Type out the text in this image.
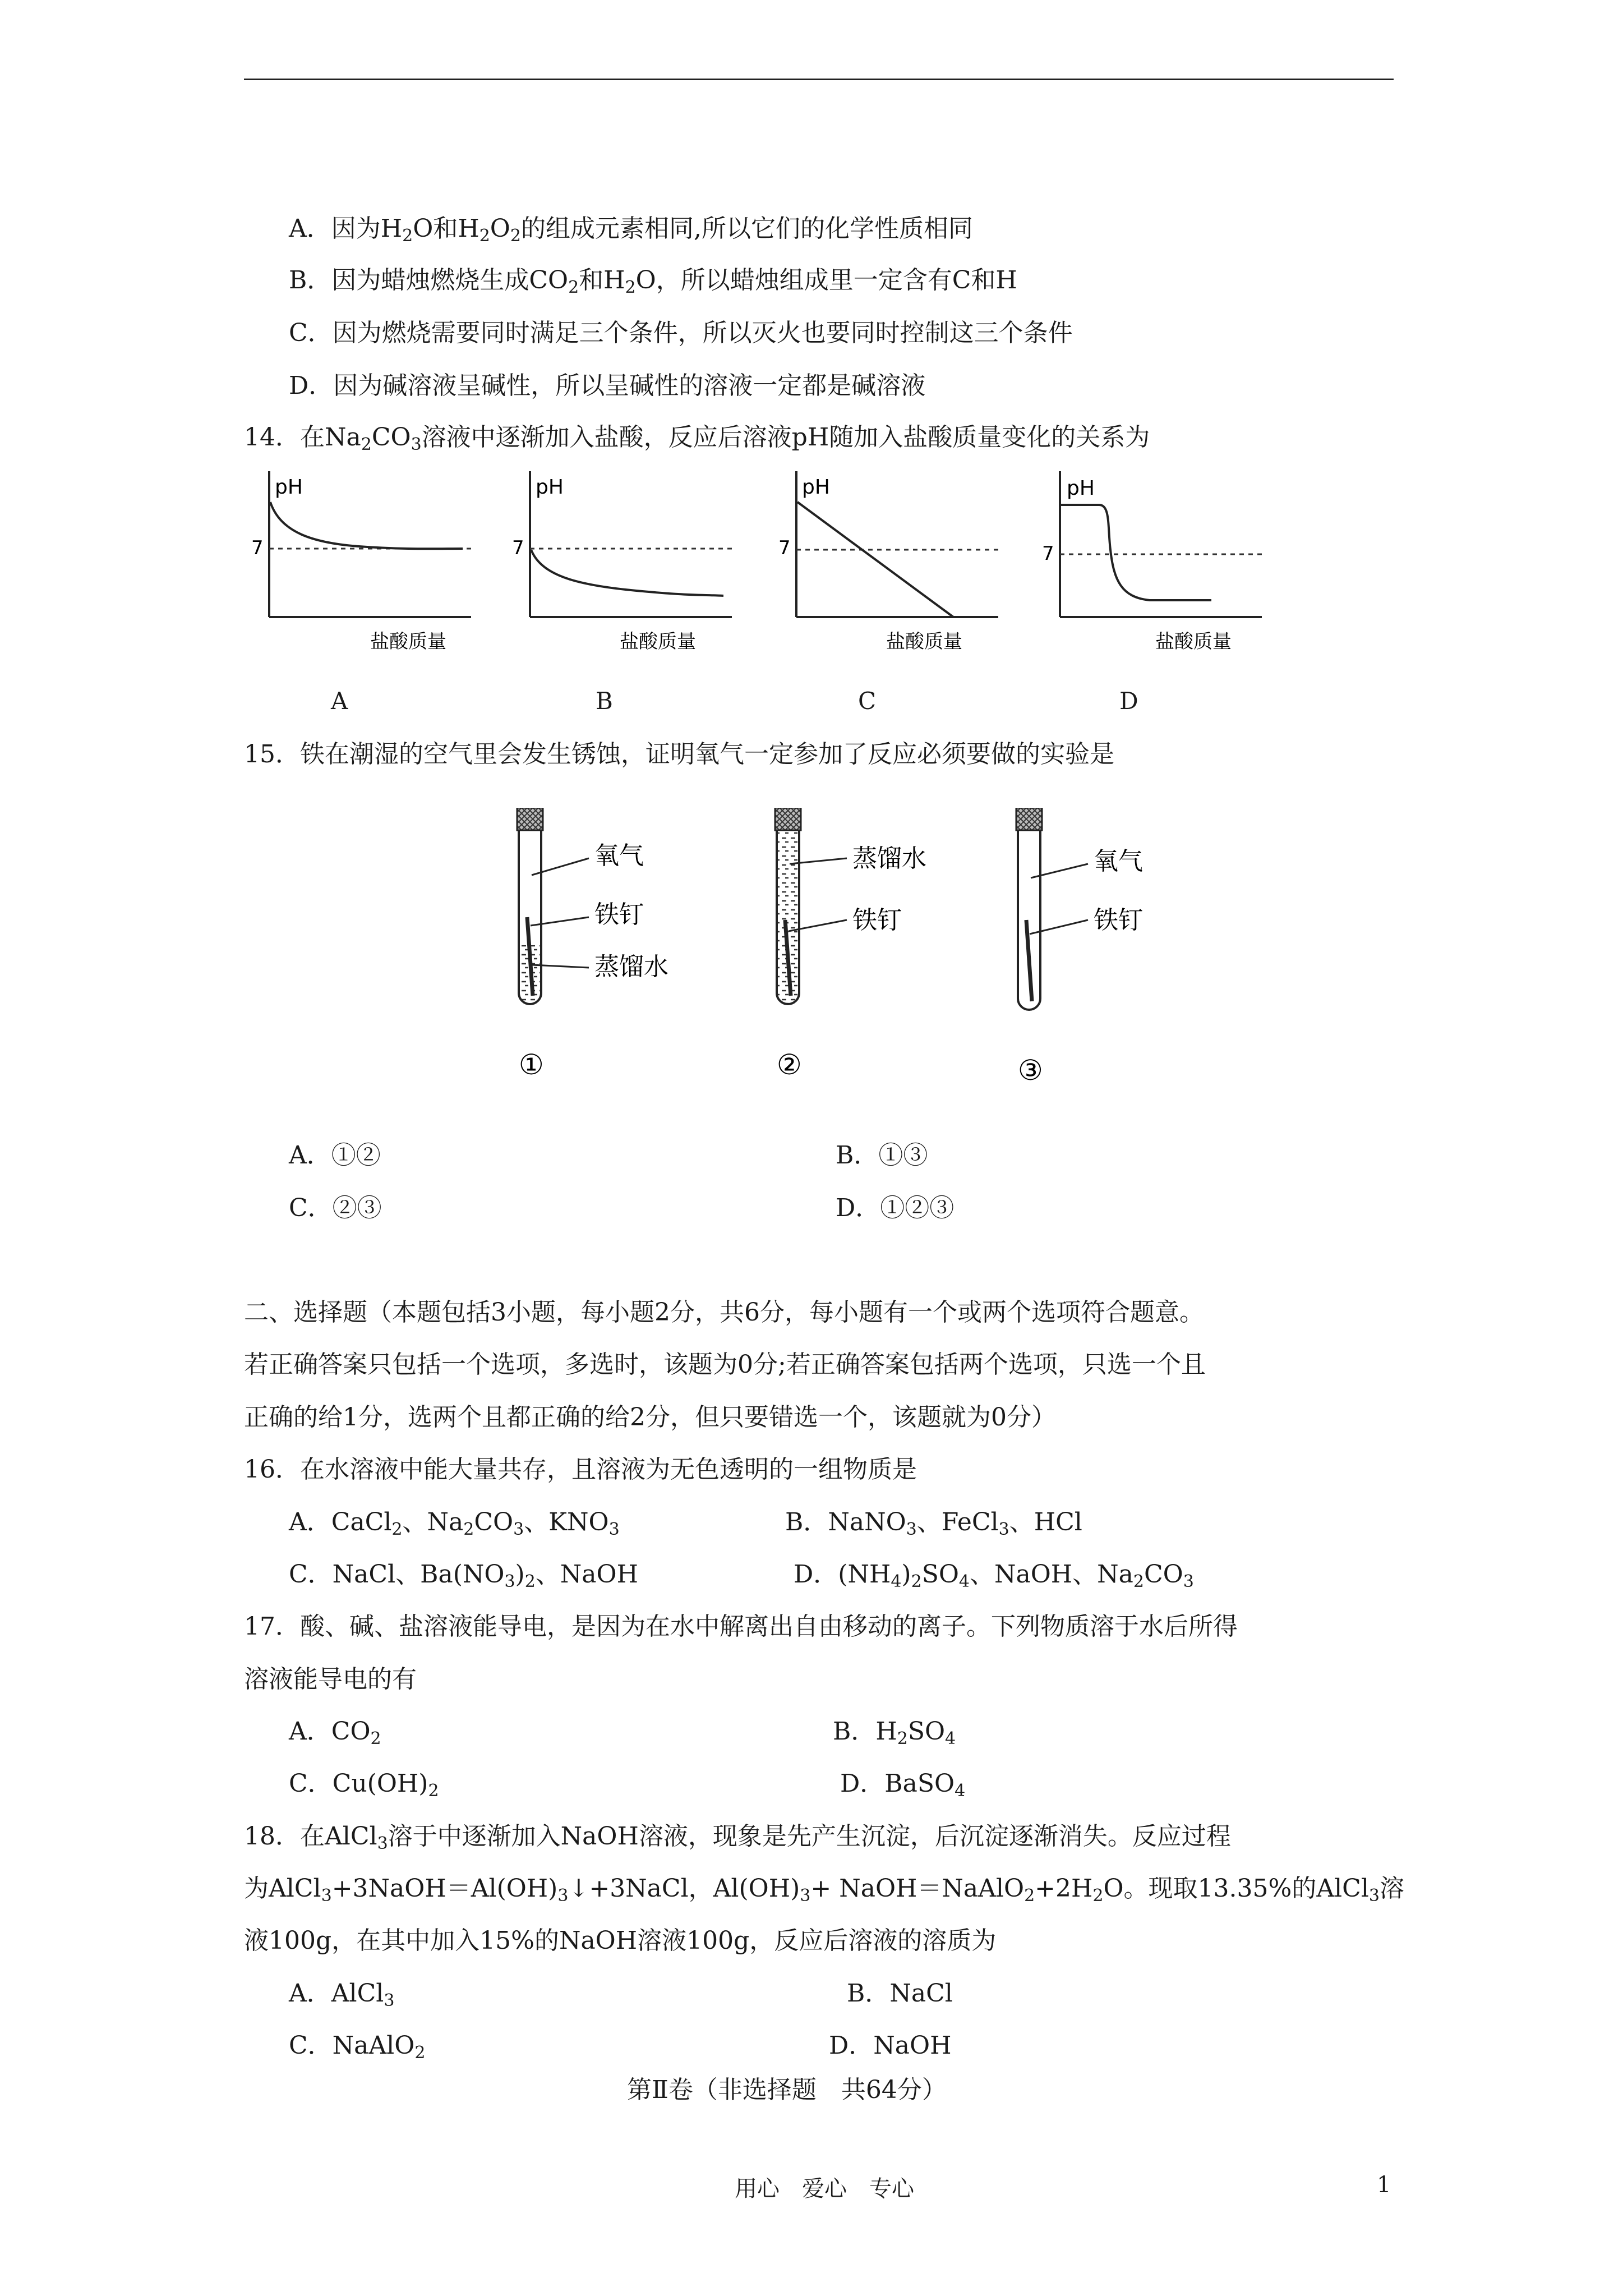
A．因为$H_2O$和$H_2O_2$的组成元素相同,所以它们的化学性质相同
B．因为蜡烛燃烧生成$CO_2$和$H_2O$，所以蜡烛组成里一定含有C和H
C．因为燃烧需要同时满足三个条件，所以灭火也要同时控制这三个条件
D．因为碱溶液呈碱性，所以呈碱性的溶液一定都是碱溶液
14．在$Na_2CO_3$溶液中逐渐加入盐酸，反应后溶液pH随加入盐酸质量变化的关系为
pH
7
盐酸质量
A
pH
7
盐酸质量
B
pH
7
盐酸质量
C
pH
7
盐酸质量
D
15．铁在潮湿的空气里会发生锈蚀，证明氧气一定参加了反应必须要做的实验是
氧气
铁钉
蒸馏水
①
蒸馏水
铁钉
②
氧气
铁钉
③
A．①②	B．①③
C．②③	D．①②③
二、选择题（本题包括3小题，每小题2分，共6分，每小题有一个或两个选项符合题意。
若正确答案只包括一个选项，多选时，该题为0分;若正确答案包括两个选项，只选一个且
正确的给1分，选两个且都正确的给2分，但只要错选一个，该题就为0分）
16．在水溶液中能大量共存，且溶液为无色透明的一组物质是
A．CaCl$_2$、$Na_2CO_3$、$KNO_3$	B．NaNO$_3$、FeCl$_3$、HCl
C．NaCl、$Ba(NO_3)_2$、NaOH	D．$(NH_4)_2SO_4$、NaOH、$Na_2CO_3$
17．酸、碱、盐溶液能导电，是因为在水中解离出自由移动的离子。下列物质溶于水后所得
溶液能导电的有
A．$CO_2$	B．$H_2SO_4$
C．$Cu(OH)_2$	D．BaSO$_4$
18．在AlCl$_3$溶于中逐渐加入NaOH溶液，现象是先产生沉淀，后沉淀逐渐消失。反应过程
为$AlCl_3+3NaOH=Al(OH)_3↓+3NaCl$，$Al(OH)_3+$ $NaOH=NaAlO_2+2H_2O$。现取13.35%的AlCl$_3$溶
液100g，在其中加入15%的NaOH溶液100g，反应后溶液的溶质为
A．AlCl$_3$	B．NaCl
C．NaAlO$_2$	D．NaOH
第Ⅱ卷（非选择题　共64分）
用心　爱心　专心	1
